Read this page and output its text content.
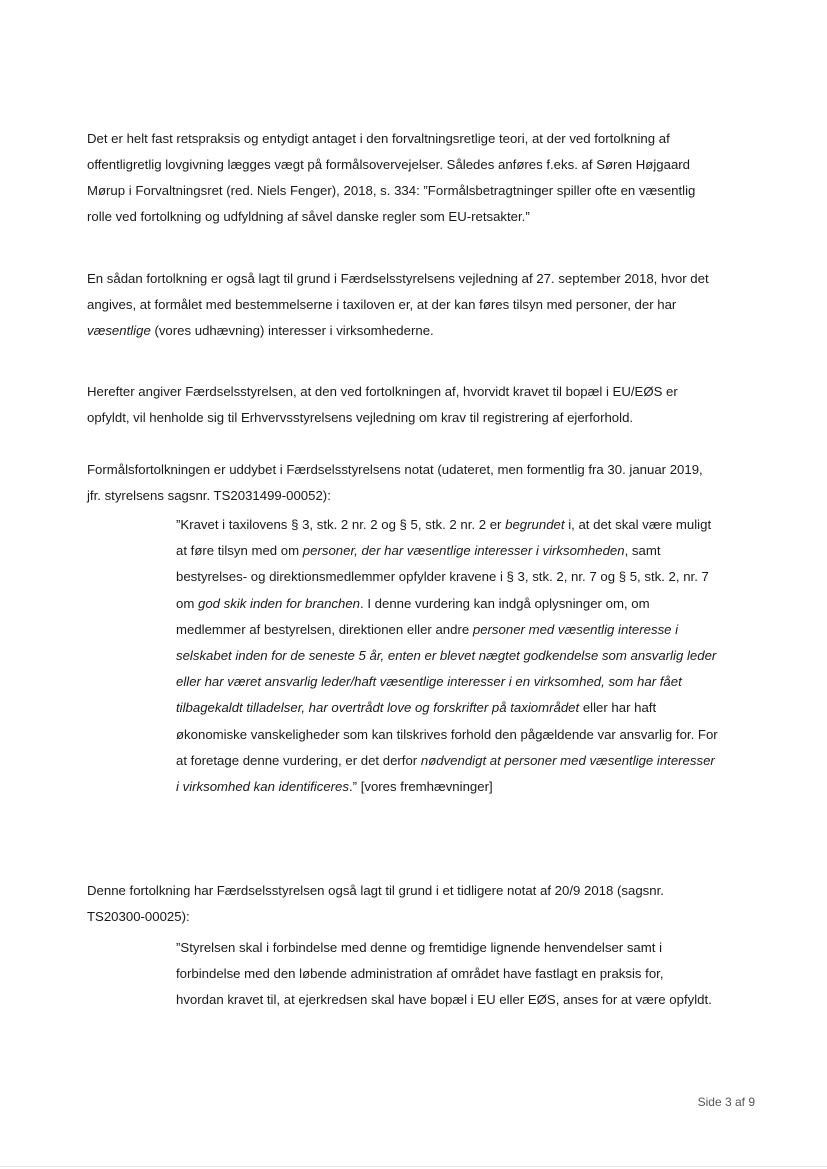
Det er helt fast retspraksis og entydigt antaget i den forvaltningsretlige teori, at der ved fortolkning af
offentligretlig lovgivning lægges vægt på formålsovervejelser. Således anføres f.eks. af Søren Højgaard
Mørup i Forvaltningsret (red. Niels Fenger), 2018, s. 334: ”Formålsbetragtninger spiller ofte en væsentlig
rolle ved fortolkning og udfyldning af såvel danske regler som EU-retsakter.”

En sådan fortolkning er også lagt til grund i Færdselsstyrelsens vejledning af 27. september 2018, hvor det
angives, at formålet med bestemmelserne i taxiloven er, at der kan føres tilsyn med personer, der har
væsentlige (vores udhævning) interesser i virksomhederne.

Herefter angiver Færdselsstyrelsen, at den ved fortolkningen af, hvorvidt kravet til bopæl i EU/EØS er
opfyldt, vil henholde sig til Erhvervsstyrelsens vejledning om krav til registrering af ejerforhold.

Formålsfortolkningen er uddybet i Færdselsstyrelsens notat (udateret, men formentlig fra 30. januar 2019,
jfr. styrelsens sagsnr. TS2031499-00052):

”Kravet i taxilovens § 3, stk. 2 nr. 2 og § 5, stk. 2 nr. 2 er begrundet i, at det skal være muligt
at føre tilsyn med om personer, der har væsentlige interesser i virksomheden, samt
bestyrelses- og direktionsmedlemmer opfylder kravene i § 3, stk. 2, nr. 7 og § 5, stk. 2, nr. 7
om god skik inden for branchen. I denne vurdering kan indgå oplysninger om, om
medlemmer af bestyrelsen, direktionen eller andre personer med væsentlig interesse i
selskabet inden for de seneste 5 år, enten er blevet nægtet godkendelse som ansvarlig leder
eller har været ansvarlig leder/haft væsentlige interesser i en virksomhed, som har fået
tilbagekaldt tilladelser, har overtrådt love og forskrifter på taxiområdet eller har haft
økonomiske vanskeligheder som kan tilskrives forhold den pågældende var ansvarlig for. For
at foretage denne vurdering, er det derfor nødvendigt at personer med væsentlige interesser
i virksomhed kan identificeres.” [vores fremhævninger]

Denne fortolkning har Færdselsstyrelsen også lagt til grund i et tidligere notat af 20/9 2018 (sagsnr.
TS20300-00025):

”Styrelsen skal i forbindelse med denne og fremtidige lignende henvendelser samt i
forbindelse med den løbende administration af området have fastlagt en praksis for,
hvordan kravet til, at ejerkredsen skal have bopæl i EU eller EØS, anses for at være opfyldt.
Side 3 af 9
